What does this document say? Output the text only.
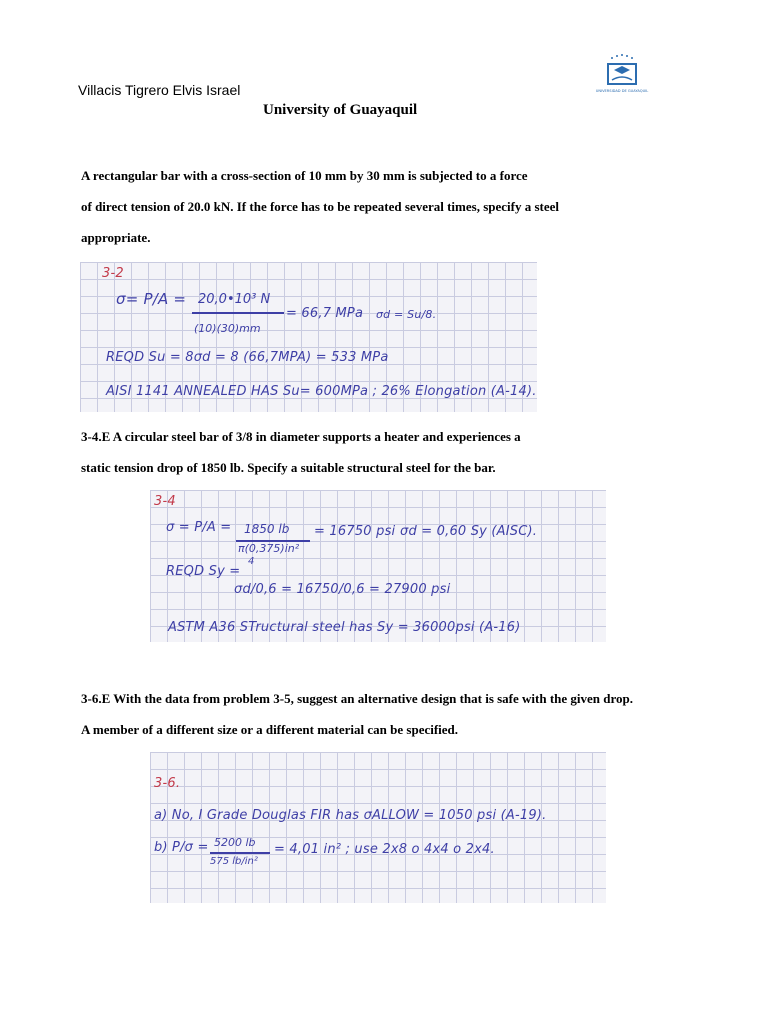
Villacis Tigrero Elvis Israel
University of Guayaquil
UNIVERSIDAD DE GUAYAQUIL
A rectangular bar with a cross-section of 10 mm by 30 mm is subjected to a force
of direct tension of 20.0 kN. If the force has to be repeated several times, specify a steel
appropriate.
3-2
σ= P/A = 20,0•10³ N
(10)(30)mm
= 66,7 MPa σd = Su/8.
REQD Su = 8σd = 8 (66,7MPA) = 533 MPa
AISI 1141 ANNEALED HAS Su= 600MPa ; 26% Elongation (A-14).
3-4.E A circular steel bar of 3/8 in diameter supports a heater and experiences a
static tension drop of 1850 lb. Specify a suitable structural steel for the bar.
3-4
σ = P/A = 1850 lb
π(0,375)in²
4
= 16750 psi σd = 0,60 Sy (AISC).
REQD Sy =
σd/0,6 = 16750/0,6 = 27900 psi
ASTM A36 STructural steel has Sy = 36000psi (A-16)
3-6.E With the data from problem 3-5, suggest an alternative design that is safe with the given drop.
A member of a different size or a different material can be specified.
3-6.
a) No, I Grade Douglas FIR has σALLOW = 1050 psi (A-19).
b) P/σ = 5200 lb
575 lb/in²
= 4,01 in² ; use 2x8 o 4x4 o 2x4.
